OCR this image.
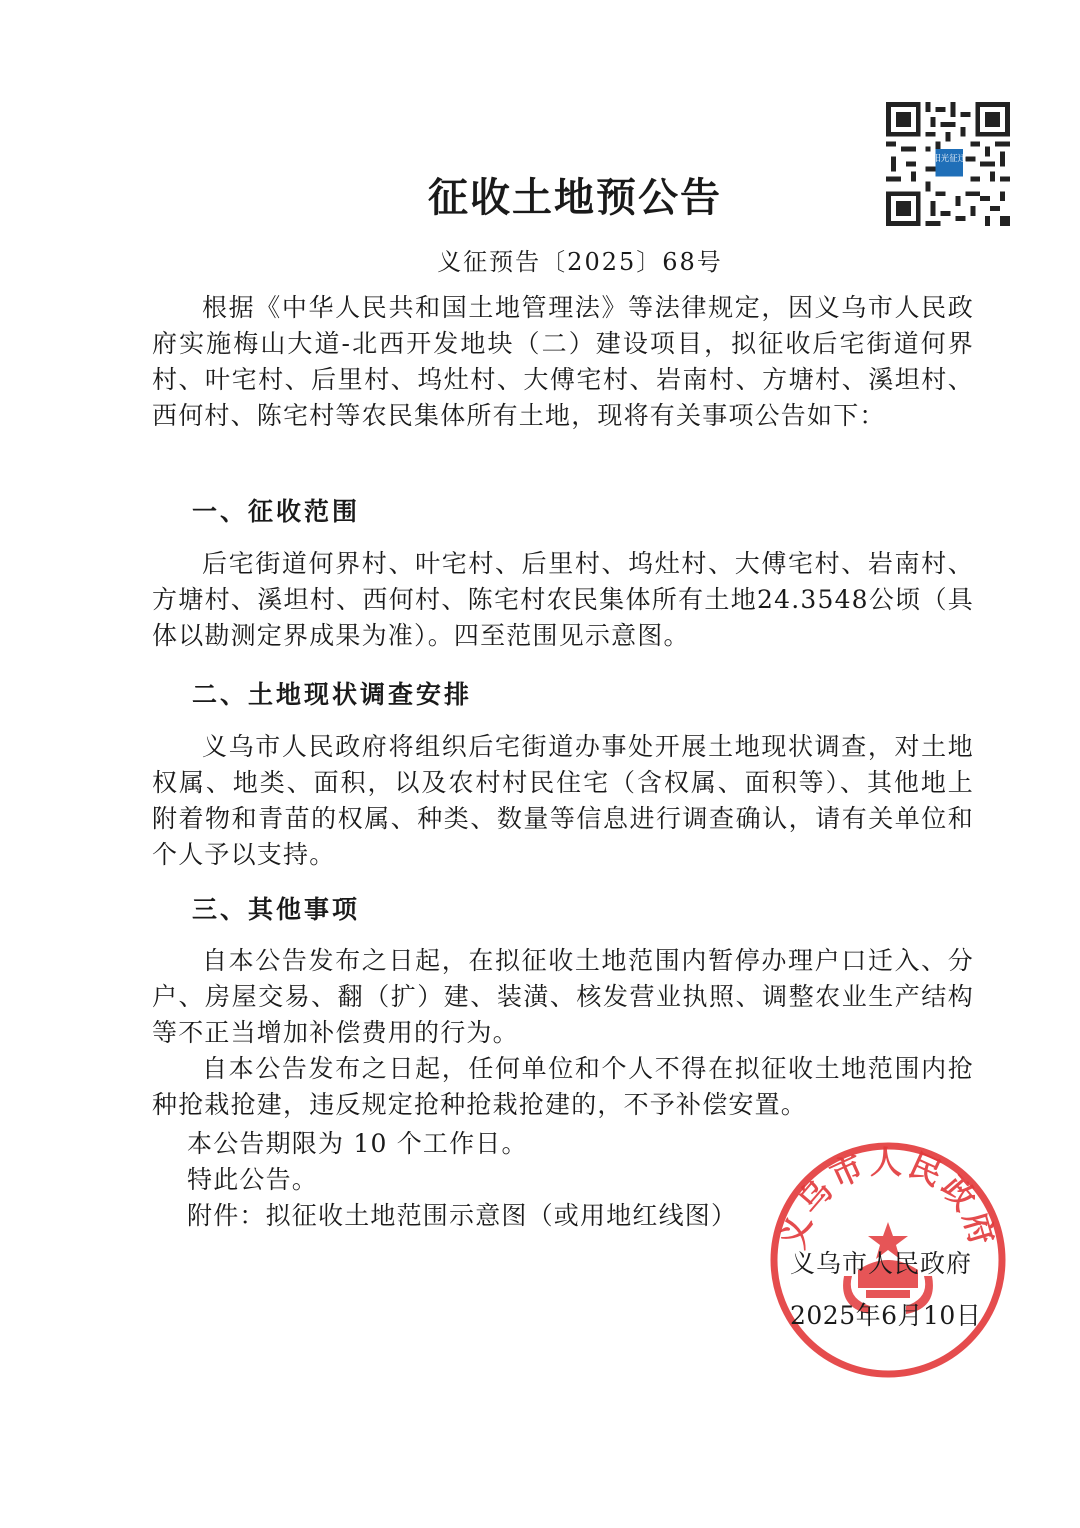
阳光征迁
征收土地预公告
义征预告〔2025〕68号

根据《中华人民共和国土地管理法》等法律规定，因义乌市人民政府实施梅山大道-北西开发地块（二）建设项目，拟征收后宅街道何界村、叶宅村、后里村、坞灶村、大傅宅村、岩南村、方塘村、溪坦村、西何村、陈宅村等农民集体所有土地，现将有关事项公告如下：

一、征收范围

后宅街道何界村、叶宅村、后里村、坞灶村、大傅宅村、岩南村、方塘村、溪坦村、西何村、陈宅村农民集体所有土地24.3548公顷（具体以勘测定界成果为准）。四至范围见示意图。

二、土地现状调查安排

义乌市人民政府将组织后宅街道办事处开展土地现状调查，对土地权属、地类、面积，以及农村村民住宅（含权属、面积等）、其他地上附着物和青苗的权属、种类、数量等信息进行调查确认，请有关单位和个人予以支持。

三、其他事项

自本公告发布之日起，在拟征收土地范围内暂停办理户口迁入、分户、房屋交易、翻（扩）建、装潢、核发营业执照、调整农业生产结构等不正当增加补偿费用的行为。

自本公告发布之日起，任何单位和个人不得在拟征收土地范围内抢种抢栽抢建，违反规定抢种抢栽抢建的，不予补偿安置。

本公告期限为 10 个工作日。
特此公告。
附件：拟征收土地范围示意图（或用地红线图） 义乌市人民政府
义乌市人民政府
2025年6月10日
